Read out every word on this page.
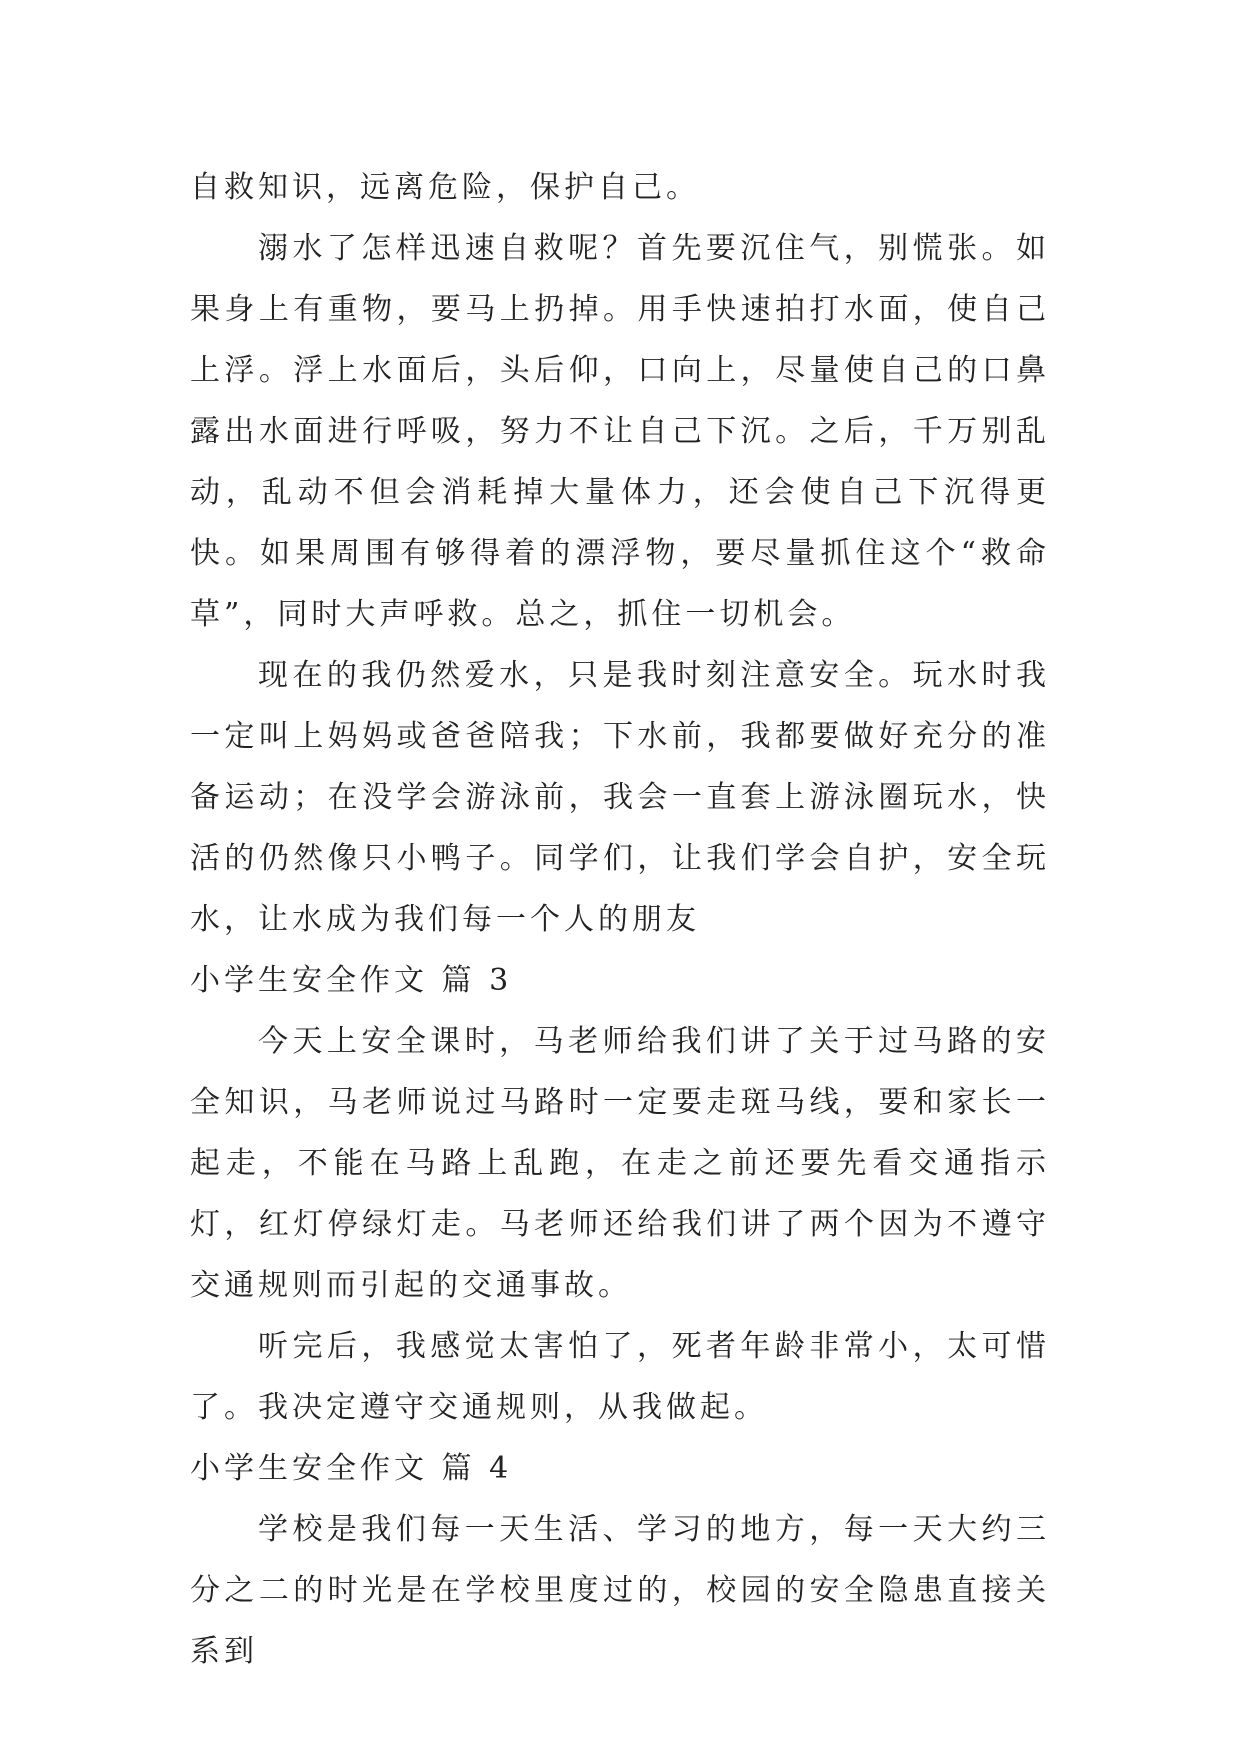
自救知识，远离危险，保护自己。

溺水了怎样迅速自救呢？首先要沉住气，别慌张。如果身上有重物，要马上扔掉。用手快速拍打水面，使自己上浮。浮上水面后，头后仰，口向上，尽量使自己的口鼻露出水面进行呼吸，努力不让自己下沉。之后，千万别乱动，乱动不但会消耗掉大量体力，还会使自己下沉得更快。如果周围有够得着的漂浮物，要尽量抓住这个“救命草”，同时大声呼救。总之，抓住一切机会。

现在的我仍然爱水，只是我时刻注意安全。玩水时我一定叫上妈妈或爸爸陪我；下水前，我都要做好充分的准备运动；在没学会游泳前，我会一直套上游泳圈玩水，快活的仍然像只小鸭子。同学们，让我们学会自护，安全玩水，让水成为我们每一个人的朋友

小学生安全作文 篇 3

今天上安全课时，马老师给我们讲了关于过马路的安全知识，马老师说过马路时一定要走斑马线，要和家长一起走，不能在马路上乱跑，在走之前还要先看交通指示灯，红灯停绿灯走。马老师还给我们讲了两个因为不遵守交通规则而引起的交通事故。

听完后，我感觉太害怕了，死者年龄非常小，太可惜了。我决定遵守交通规则，从我做起。

小学生安全作文 篇 4

学校是我们每一天生活、学习的地方，每一天大约三分之二的时光是在学校里度过的，校园的安全隐患直接关系到
